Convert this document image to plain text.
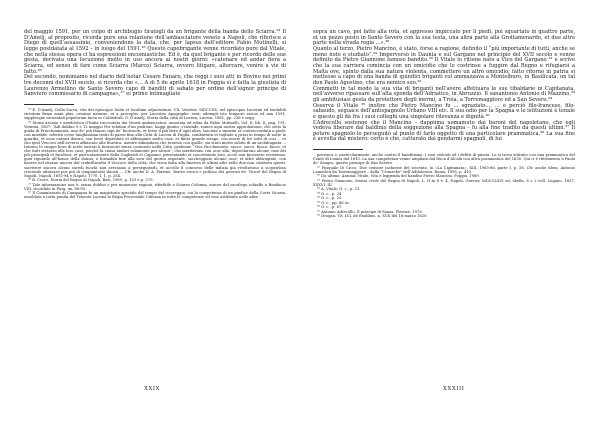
del maggio 1591, per un colpo di archibugio tiratogli da un brigante della banda dello Sciarra.²⁴ Il D’Amelj, al proposito, ricorda pure una relazione dell’ambasciatore veneto a Napoli, che riferisce a Diego di quell’assassinio, conveniendone la data, che, per lapsus dell’editore Fabio Mutinelli, si legge postdatata al 1592 – in luogo del 1591.²⁵ Questo capobrigante venne ricordato pure dal Vitale, che nella stessa opera ci ha espressioni encomiastiche. Ed è, da quel brigante e per ricordo delle sue gesta, derivata una locuzione molto in uso ancora ai nostri giorni: «catenare ed andar fiera a Sciarra, ed senso di fare come Sciarra (Marco) Sciarra, ovvero litigare, altercare, venire a vie di fatto.²⁶

Del secondo, nominiamo nel diario dell’notar Cesare Fanaro, che reggi i suoi atti in Bovino nei primi tre decenni del XVII secolo, si ricorda che «... A di 5 de aprile 1618 in Foggia si è fatta la giustizia di Laurenzo Armellino de Santo Severo capo di banditi di sabato per ordine dell’signor principe di Sanviero commissario di campagna»,²⁷ ei primo intimagliate

²⁴ E. D’Amelj, Della Sacra, vita dei episcopio Italia et localium adjacentium, VII, Venetiis, MDCCXX, nel episcopus Lucerini ed loudabili virtutum firma omni plus, ornatae naturae, et a preceptis, per Lucerino Apographe. sent, adempit isto tempore raicos ed ann 1591, supplesque nicuentali populorum tacta in Cathedrali. G. D’amelj, Storia della città di Lucera, Lucera, 1861, pp. 236 e segg.

²⁵ Storia arcana e aneddotica d’Italia raccontata dai Veneti ambasciatori, annotata ed edita da Fabio Mutinelli, Vol. II, lib. II, pag. 191, Venezia, 1857: “Adì dubbio 9 e 12 maggio Per relation d’un padrone, haggi giunto, s’intende, romeo aqui nostra approbatione, che sotto la guida di Pracchiamonta, una de’ più famosi capi de’ fuorusciti, et forse il più fiero d’ogni altra, lasciata e smarita et contraccordata a piedi, con mirabile celerità corse lunghissima tratti di paese fino alla Città di Lucera di Puglia, combattuta et tagliate a pezzi in tempo di notte la guardia, et sono entrati dentro, con forze depredate et abbrugiato molte case, et finito grande strage, con morte di tre sotti di cosi ... et che quel Vescovo nell’avversi affaticato alla finestra, mentre dimandava che tenesse con quelle, sia stato morto sobito di un’archibugiata ... Intorno le cinque hore di notte entrati li fuorusciti senza contrasto nella Città, pridenne “Viva Pacchianotto, sacco, sacco, fuoco, fuoco, et che tutti stessero alle loro case; perchè la causa andavi solamente per alcuni”; che meritavano con ocor alla; depredarono alcune case dei più principali et facultosi, et particolarmente della Cagliardi et Capanno, presentando et concretando loro, acciò non facessero resistenza, quei riguardo all’honor della donna; e formalità fine alla sera del giorno seguente, saccheggiato alcune case; et altre abbrugiate, con havere nel ritorno ancora dal crabrillavatta il Vescovo della città, che vivea fatta alla finestra et ultimi altri nelle due non citattava questi, sacrivere ancora alcuni sacedi fuochi non aveciamo a perseguitarli, et uccello il concorso delle milizia già rivoltavano a scoprirlosa crecendo altrasase por più di cinquantotto ducati ... Cfr. anche D. A. Parrino, Teatro eroico e politico dei governi de’ Viceré del Regno di Napoli, Napoli, 1692-94 e Napoli, 1770, I, 1, p. 264.

²⁶ B. Croce, Storia del Regno di Napoli, Bari, 1969, p. 153 e p. 370.

²⁷ Tale informazione non è, senza dubbio e per numerose ragioni, riferibile a Sciarra Colonna, autore del sacrilego schiaffo a Bonifacio VIII, ricordato in Purg. xx, 86-90.

²⁸ Il Commissario di Campagna fu un magistrato speciale del tempo del vicereggio, cui la competenza di un giudice della Corte Vicaria, assoldata a rotta punita del Tenente Lucena la Regia Proviosiale Udienza in tutte le competenze ed esse attribuite nelle altre

sopra un cavo, poi fatto alla rota, et appresso impiccato per li piedi, poi squartato in quattro parte, et un pezzo posto in Santo Severo con la sua testa, una altra parte alla Grottamenardo, et due altre parte nella strada regia ...».²⁸

Quanto al terzo, Pietro Mancino, è stato, forse a ragione, definito il “più importante di tutti, anche se meno noto e studiato”.²⁹ Imperversò in Daunia e sul Gargano nel principio del XVII secolo e venne definito da Pietro Giannone famoso bandito.³⁰ Il Vitale lo ritiene nato a Vico del Gargano ³¹ e scrive che la sua carriera comincia con un omicidio che lo costrinse a fuggire dal Regno e rifugiarsi a Malta ove, spinto dalla sua natura violenta, commettere un altro omicidio; fatto ritorno in patria si mettesse a capo di una banda di quindici briganti col ammazzava a Monteiburo, in Basilicata, un tal don Paolo Agostino, che era nemico suo.³²

Commetti in tal modo la sua vita di briganti nell’avere affettuara le sue tibaldarie in Capitanata, nell’avverso ripassare sull’alta sponda dell’Adriatico, in Abruzzio. Il sanantonio Antonio di Mazzino,³³ gli ambitusiasi gesta da protettore degli inermi, a Troia, a Torremaggiore ed a San Severo.³⁴

Osserva il Vitale ³⁵ inoltre che Pietro Mancino fu ... sgraziato..., ... e perciò filo-francese, filo-sabaudo, seguace dell’antispagnolo Urbano VIII etc. Il suo odio per la Spagna e le istituzioni è tenale e questo gli dà fra i suoi colleghi una singolare rilevanza e dignità.³⁶

L’Adrecello sostenne che il Mancino – dappiima uomamuto dai baroni del napoletano, che egli vedeva liberare dal baldinio della soggezione alla Spagna – fu alla fine tradito da questi ultimi.³⁷ Il potere spagnolo lo perseguitò al punto di farlo oggetto di una particolare prammatica.³⁸ La sua fine è avvolta dal mistero: certo è che, catturato dai gendarmi spagnoli, di lui

provinca e, particolarmente, anche contro il banditismo. I suoi violenti ed i delitti di pineta. La si trova istituito con una prammatica del Conte di Lemos del 1610. La sua competenza venne ampliata dal Duca d’Alcalà con altra prammatica del 1630. Qui ci è riferimento a Paolo de’ Sangro, quarto principe di San Severo.

²⁹ Pasquale Di Cicco, Due censure inchieste del seicento, in «La Capitanata», XIII, 1983-86, parte I, p. 58. Cfr. anche Idem, Antonio Lamedica da Torremaggiore – dalla “Cronache” dell’Addolorata, Roma, 1995, p. 410.

³⁰ Da ultimo: Antonio Vitale, Vita e leggenda del bandito Pietro Mancino, Foggia, 1989.

³¹ Pietro Giannone, Istoria civile del Regno di Napoli, L. II in 8 v. 4, Napoli, Gravier, MDCCLXVI ed, sbella, 8 e 2 voll. Lugano, 1837, XXXVI, III.

³² A. Vitale, O. c., p. 21.

³³ O. c., p. 24.

³⁴ O. c., p. 25.

³⁵ O. c., pp. 66 ss.

³⁶ O. c., p. 67.

³⁷ Antonio Adrecello, Il principe di Sanza, Firenze, 1979.

³⁸ Drogan. Tit. LVI, de Exulibus, n. XVII del 18 marzo 1620.

XXIX	XXXIII
